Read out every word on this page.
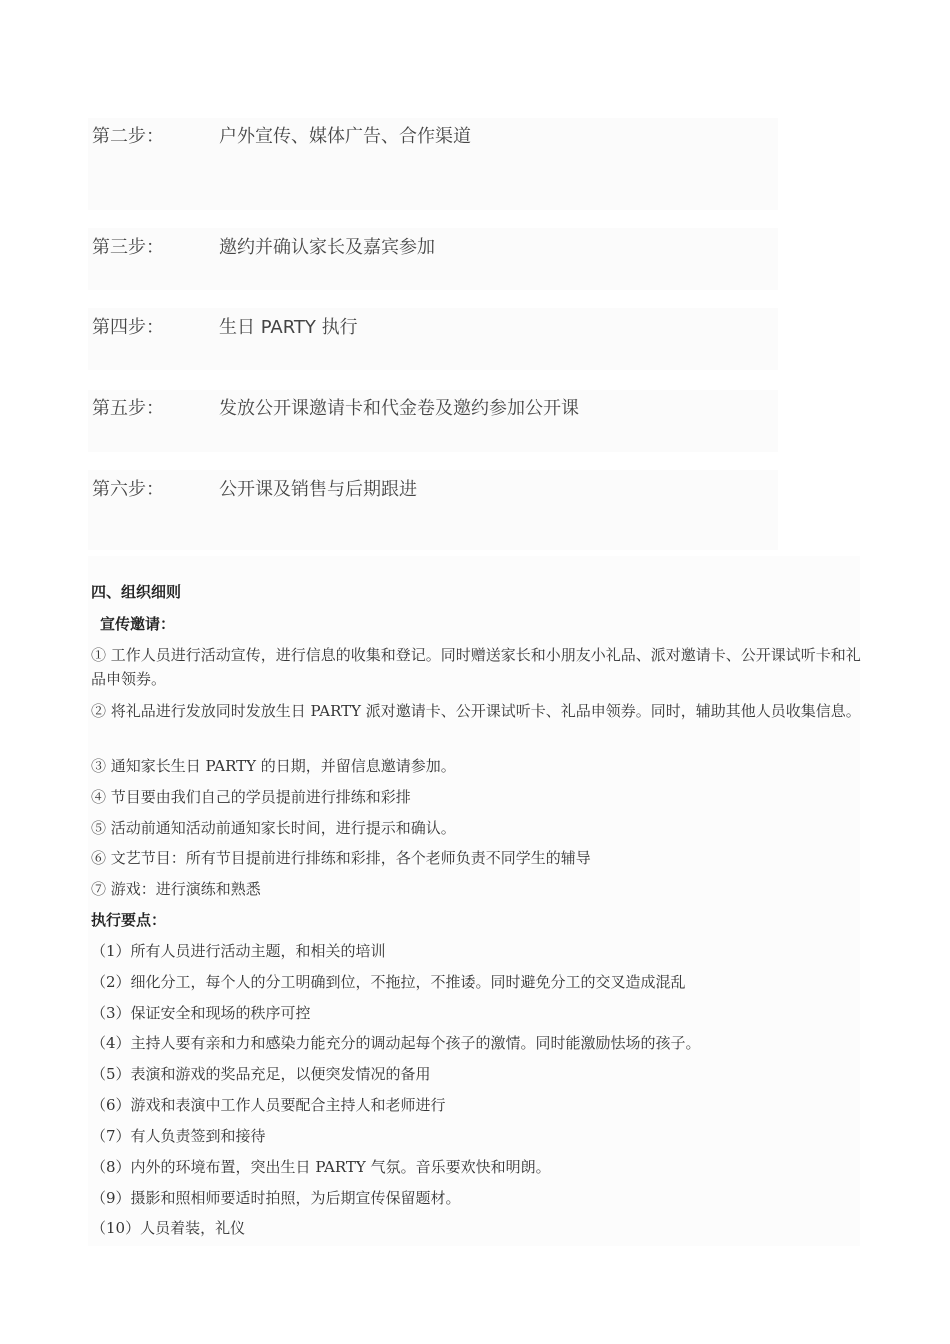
第二步：	户外宣传、媒体广告、合作渠道
第三步：	邀约并确认家长及嘉宾参加
第四步：	生日 PARTY 执行
第五步：	发放公开课邀请卡和代金卷及邀约参加公开课
第六步：	公开课及销售与后期跟进
四、组织细则
宣传邀请：
① 工作人员进行活动宣传，进行信息的收集和登记。同时赠送家长和小朋友小礼品、派对邀请卡、公开课试听卡和礼品申领券。
② 将礼品进行发放同时发放生日 PARTY 派对邀请卡、公开课试听卡、礼品申领券。同时，辅助其他人员收集信息。
③ 通知家长生日 PARTY 的日期，并留信息邀请参加。
④ 节目要由我们自己的学员提前进行排练和彩排
⑤ 活动前通知活动前通知家长时间，进行提示和确认。
⑥ 文艺节目：所有节目提前进行排练和彩排，各个老师负责不同学生的辅导
⑦ 游戏：进行演练和熟悉
执行要点：
（1）所有人员进行活动主题，和相关的培训
（2）细化分工，每个人的分工明确到位，不拖拉，不推诿。同时避免分工的交叉造成混乱
（3）保证安全和现场的秩序可控
（4）主持人要有亲和力和感染力能充分的调动起每个孩子的激情。同时能激励怯场的孩子。
（5）表演和游戏的奖品充足，以便突发情况的备用
（6）游戏和表演中工作人员要配合主持人和老师进行
（7）有人负责签到和接待
（8）内外的环境布置，突出生日 PARTY 气氛。音乐要欢快和明朗。
（9）摄影和照相师要适时拍照，为后期宣传保留题材。
（10）人员着装，礼仪
